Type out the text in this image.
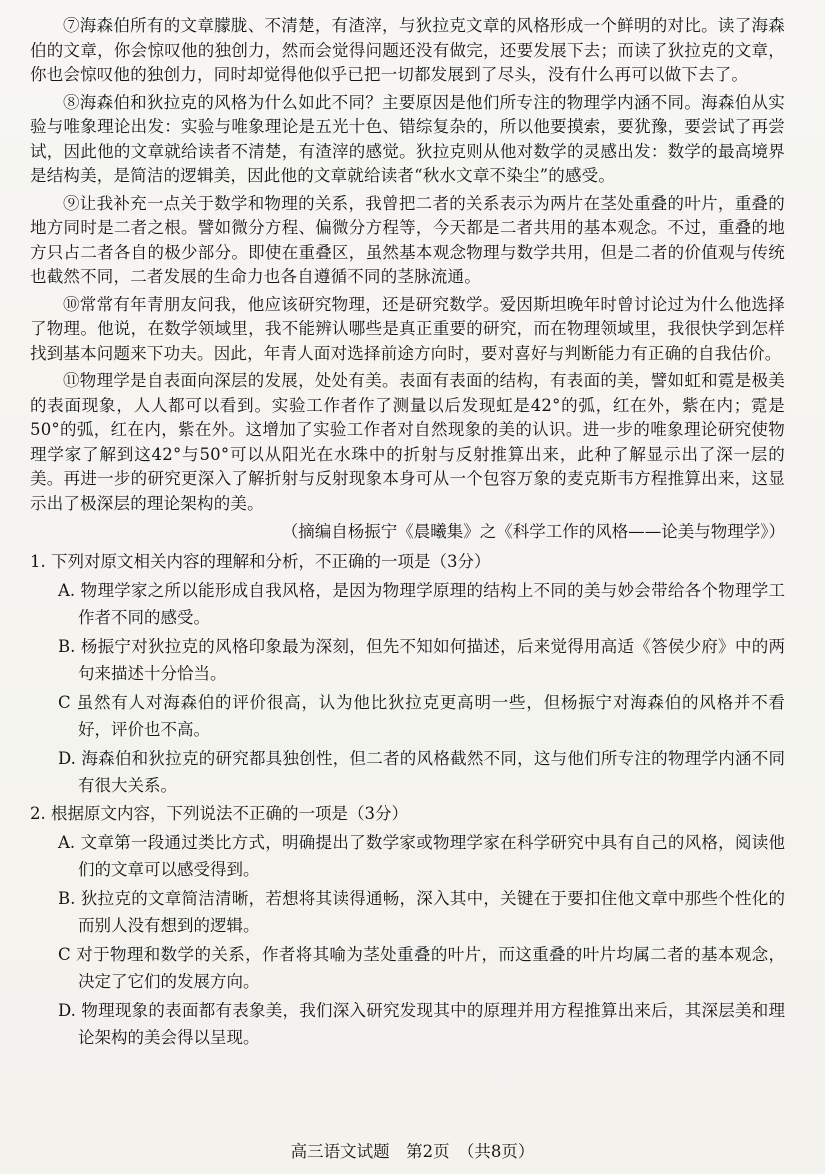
⑦海森伯所有的文章朦胧、不清楚，有渣滓，与狄拉克文章的风格形成一个鲜明的对比。读了海森伯的文章，你会惊叹他的独创力，然而会觉得问题还没有做完，还要发展下去；而读了狄拉克的文章，你也会惊叹他的独创力，同时却觉得他似乎已把一切都发展到了尽头，没有什么再可以做下去了。

⑧海森伯和狄拉克的风格为什么如此不同？主要原因是他们所专注的物理学内涵不同。海森伯从实验与唯象理论出发：实验与唯象理论是五光十色、错综复杂的，所以他要摸索，要犹豫，要尝试了再尝试，因此他的文章就给读者不清楚，有渣滓的感觉。狄拉克则从他对数学的灵感出发：数学的最高境界是结构美，是简洁的逻辑美，因此他的文章就给读者“秋水文章不染尘”的感受。

⑨让我补充一点关于数学和物理的关系，我曾把二者的关系表示为两片在茎处重叠的叶片，重叠的地方同时是二者之根。譬如微分方程、偏微分方程等，今天都是二者共用的基本观念。不过，重叠的地方只占二者各自的极少部分。即使在重叠区，虽然基本观念物理与数学共用，但是二者的价值观与传统也截然不同，二者发展的生命力也各自遵循不同的茎脉流通。

⑩常常有年青朋友问我，他应该研究物理，还是研究数学。爱因斯坦晚年时曾讨论过为什么他选择了物理。他说，在数学领域里，我不能辨认哪些是真正重要的研究，而在物理领域里，我很快学到怎样找到基本问题来下功夫。因此，年青人面对选择前途方向时，要对喜好与判断能力有正确的自我估价。

⑪物理学是自表面向深层的发展，处处有美。表面有表面的结构，有表面的美，譬如虹和霓是极美的表面现象，人人都可以看到。实验工作者作了测量以后发现虹是42°的弧，红在外，紫在内；霓是50°的弧，红在内，紫在外。这增加了实验工作者对自然现象的美的认识。进一步的唯象理论研究使物理学家了解到这42°与50°可以从阳光在水珠中的折射与反射推算出来，此种了解显示出了深一层的美。再进一步的研究更深入了解折射与反射现象本身可从一个包容万象的麦克斯韦方程推算出来，这显示出了极深层的理论架构的美。

（摘编自杨振宁《晨曦集》之《科学工作的风格——论美与物理学》）
1. 下列对原文相关内容的理解和分析，不正确的一项是（3分）
A. 物理学家之所以能形成自我风格，是因为物理学原理的结构上不同的美与妙会带给各个物理学工作者不同的感受。
B. 杨振宁对狄拉克的风格印象最为深刻，但先不知如何描述，后来觉得用高适《答侯少府》中的两句来描述十分恰当。
C 虽然有人对海森伯的评价很高，认为他比狄拉克更高明一些，但杨振宁对海森伯的风格并不看好，评价也不高。
D. 海森伯和狄拉克的研究都具独创性，但二者的风格截然不同，这与他们所专注的物理学内涵不同有很大关系。
2. 根据原文内容，下列说法不正确的一项是（3分）
A. 文章第一段通过类比方式，明确提出了数学家或物理学家在科学研究中具有自己的风格，阅读他们的文章可以感受得到。
B. 狄拉克的文章简洁清晰，若想将其读得通畅，深入其中，关键在于要扣住他文章中那些个性化的而别人没有想到的逻辑。
C 对于物理和数学的关系，作者将其喻为茎处重叠的叶片，而这重叠的叶片均属二者的基本观念，决定了它们的发展方向。
D. 物理现象的表面都有表象美，我们深入研究发现其中的原理并用方程推算出来后，其深层美和理论架构的美会得以呈现。
高三语文试题　第2页　（共8页）
